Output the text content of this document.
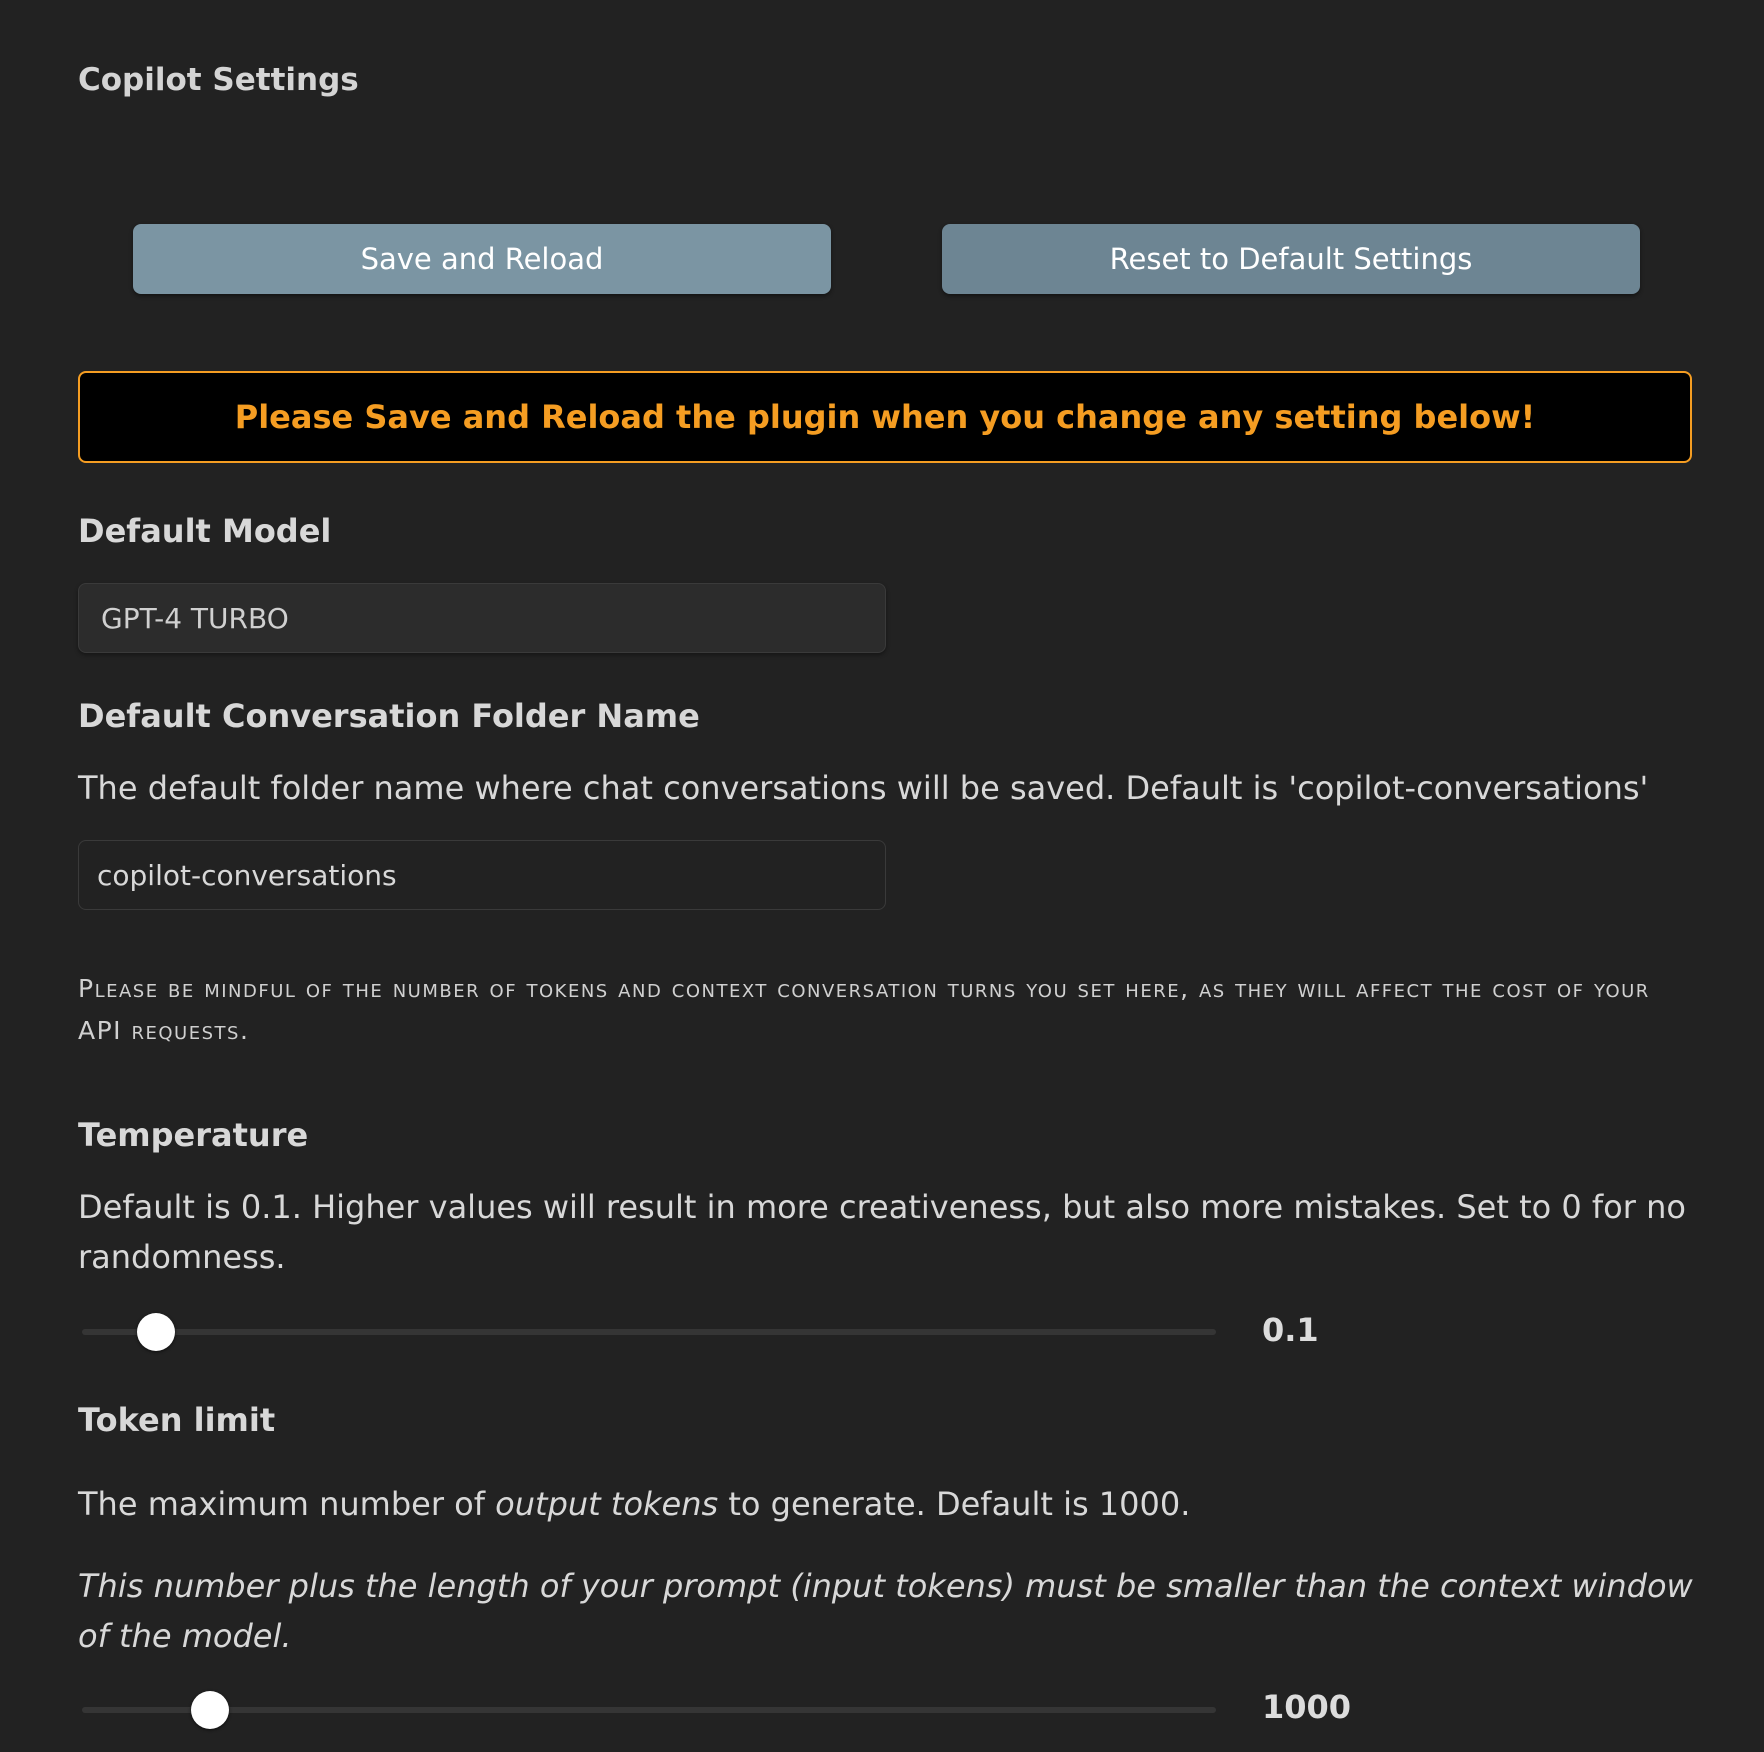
Copilot Settings
Save and Reload	Reset to Default Settings
Please Save and Reload the plugin when you change any setting below!
Default Model
GPT-4 TURBO
Default Conversation Folder Name
The default folder name where chat conversations will be saved. Default is 'copilot-conversations'
copilot-conversations
Please be mindful of the number of tokens and context conversation turns you set here, as they will affect the cost of your API requests.
Temperature
Default is 0.1. Higher values will result in more creativeness, but also more mistakes. Set to 0 for no randomness.
0.1
Token limit
The maximum number of output tokens to generate. Default is 1000.
This number plus the length of your prompt (input tokens) must be smaller than the context window of the model.
1000
